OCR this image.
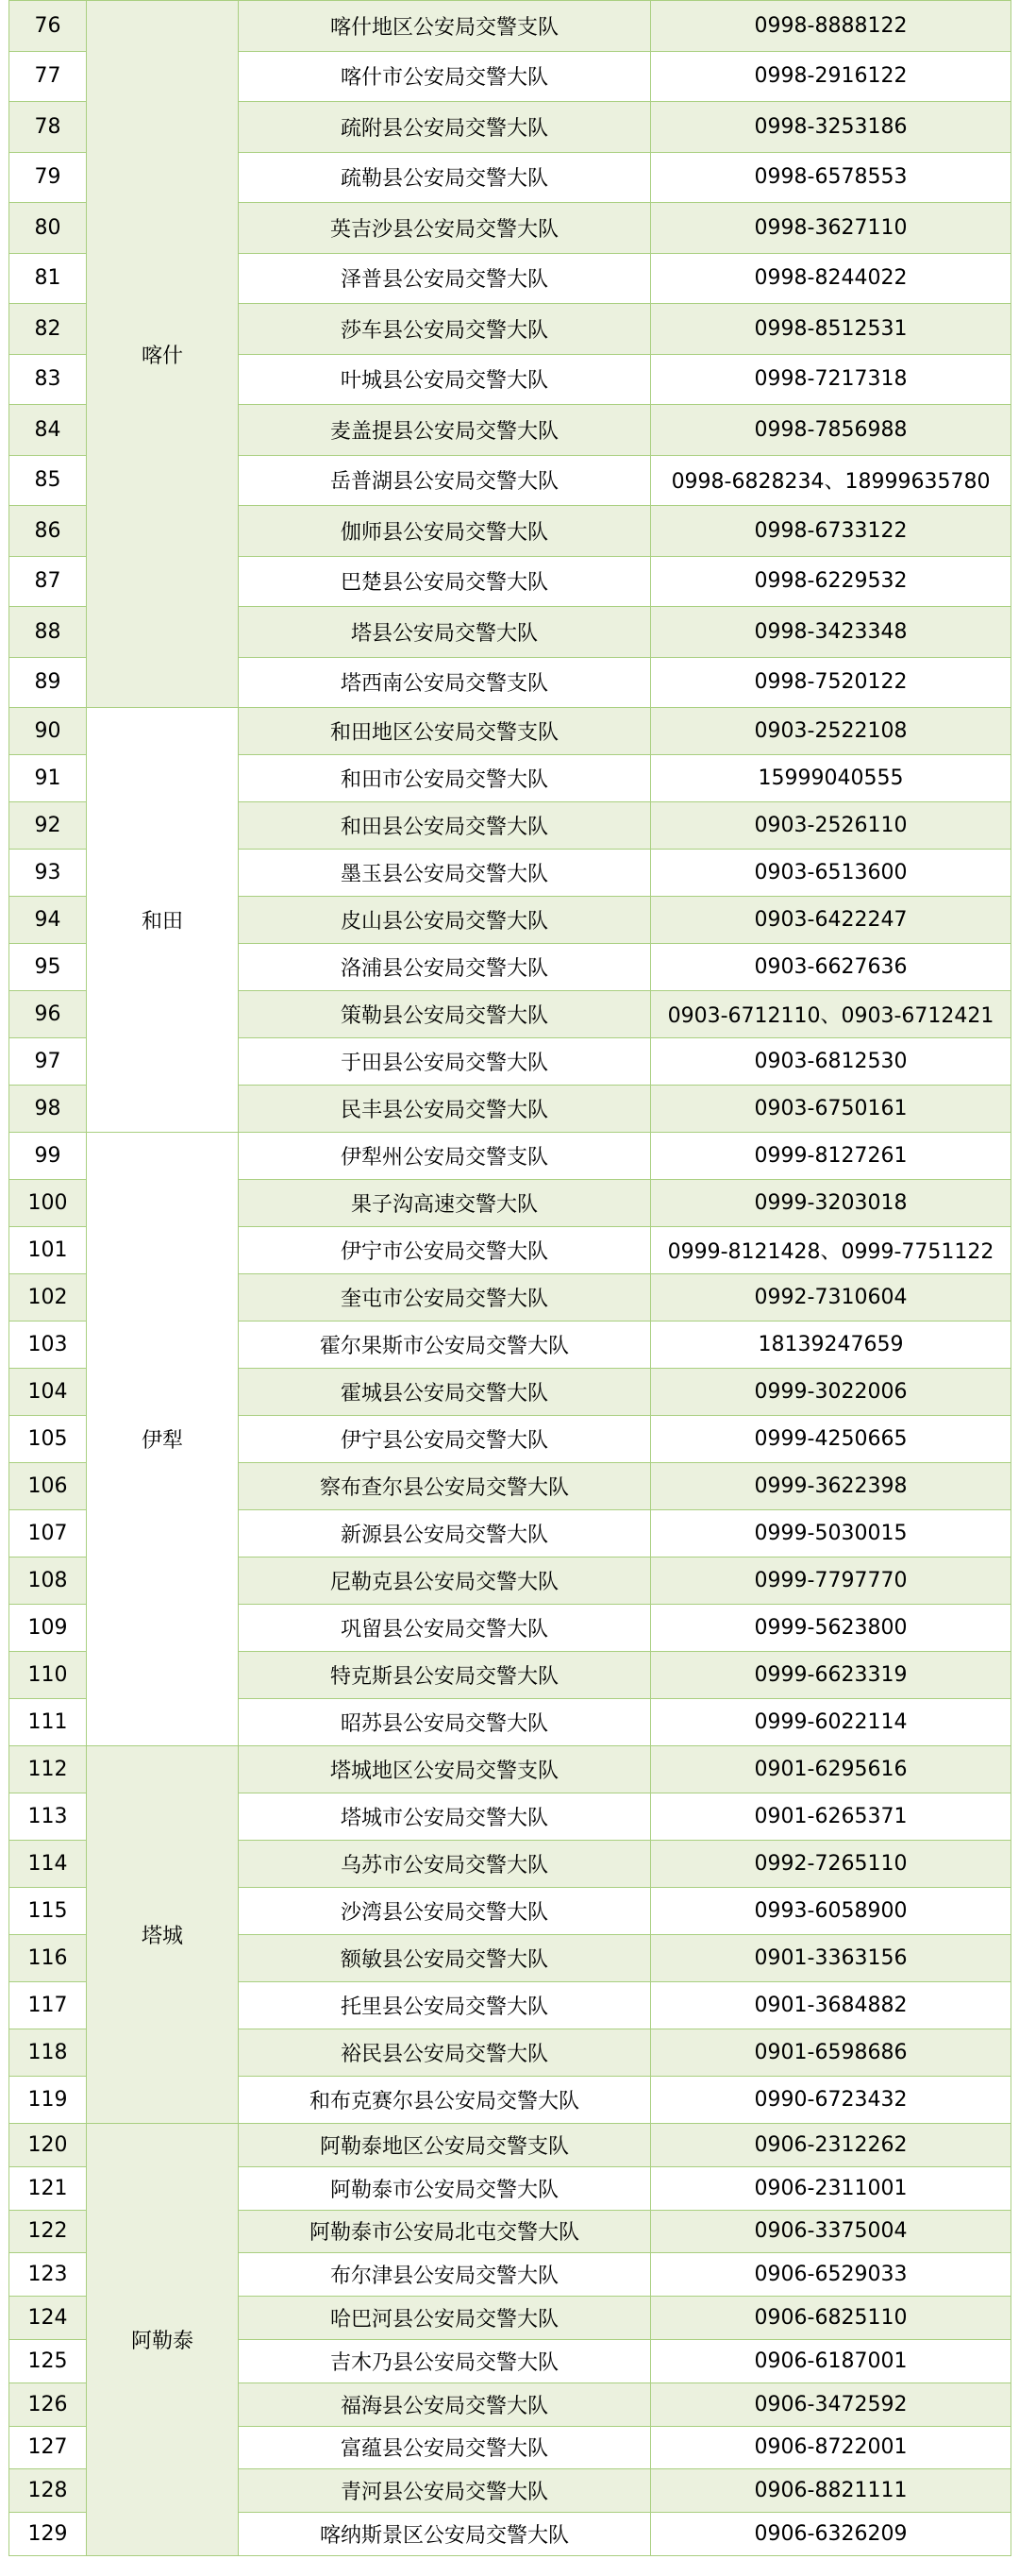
76	喀什	喀什地区公安局交警支队	0998-8888122
77		喀什市公安局交警大队	0998-2916122
78		疏附县公安局交警大队	0998-3253186
79		疏勒县公安局交警大队	0998-6578553
80		英吉沙县公安局交警大队	0998-3627110
81		泽普县公安局交警大队	0998-8244022
82		莎车县公安局交警大队	0998-8512531
83		叶城县公安局交警大队	0998-7217318
84		麦盖提县公安局交警大队	0998-7856988
85		岳普湖县公安局交警大队	0998-6828234、18999635780
86		伽师县公安局交警大队	0998-6733122
87		巴楚县公安局交警大队	0998-6229532
88		塔县公安局交警大队	0998-3423348
89		塔西南公安局交警支队	0998-7520122
90	和田	和田地区公安局交警支队	0903-2522108
91		和田市公安局交警大队	15999040555
92		和田县公安局交警大队	0903-2526110
93		墨玉县公安局交警大队	0903-6513600
94		皮山县公安局交警大队	0903-6422247
95		洛浦县公安局交警大队	0903-6627636
96		策勒县公安局交警大队	0903-6712110、0903-6712421
97		于田县公安局交警大队	0903-6812530
98		民丰县公安局交警大队	0903-6750161
99	伊犁	伊犁州公安局交警支队	0999-8127261
100		果子沟高速交警大队	0999-3203018
101		伊宁市公安局交警大队	0999-8121428、0999-7751122
102		奎屯市公安局交警大队	0992-7310604
103		霍尔果斯市公安局交警大队	18139247659
104		霍城县公安局交警大队	0999-3022006
105		伊宁县公安局交警大队	0999-4250665
106		察布查尔县公安局交警大队	0999-3622398
107		新源县公安局交警大队	0999-5030015
108		尼勒克县公安局交警大队	0999-7797770
109		巩留县公安局交警大队	0999-5623800
110		特克斯县公安局交警大队	0999-6623319
111		昭苏县公安局交警大队	0999-6022114
112	塔城	塔城地区公安局交警支队	0901-6295616
113		塔城市公安局交警大队	0901-6265371
114		乌苏市公安局交警大队	0992-7265110
115		沙湾县公安局交警大队	0993-6058900
116		额敏县公安局交警大队	0901-3363156
117		托里县公安局交警大队	0901-3684882
118		裕民县公安局交警大队	0901-6598686
119		和布克赛尔县公安局交警大队	0990-6723432
120	阿勒泰	阿勒泰地区公安局交警支队	0906-2312262
121		阿勒泰市公安局交警大队	0906-2311001
122		阿勒泰市公安局北屯交警大队	0906-3375004
123		布尔津县公安局交警大队	0906-6529033
124		哈巴河县公安局交警大队	0906-6825110
125		吉木乃县公安局交警大队	0906-6187001
126		福海县公安局交警大队	0906-3472592
127		富蕴县公安局交警大队	0906-8722001
128		青河县公安局交警大队	0906-8821111
129		喀纳斯景区公安局交警大队	0906-6326209
